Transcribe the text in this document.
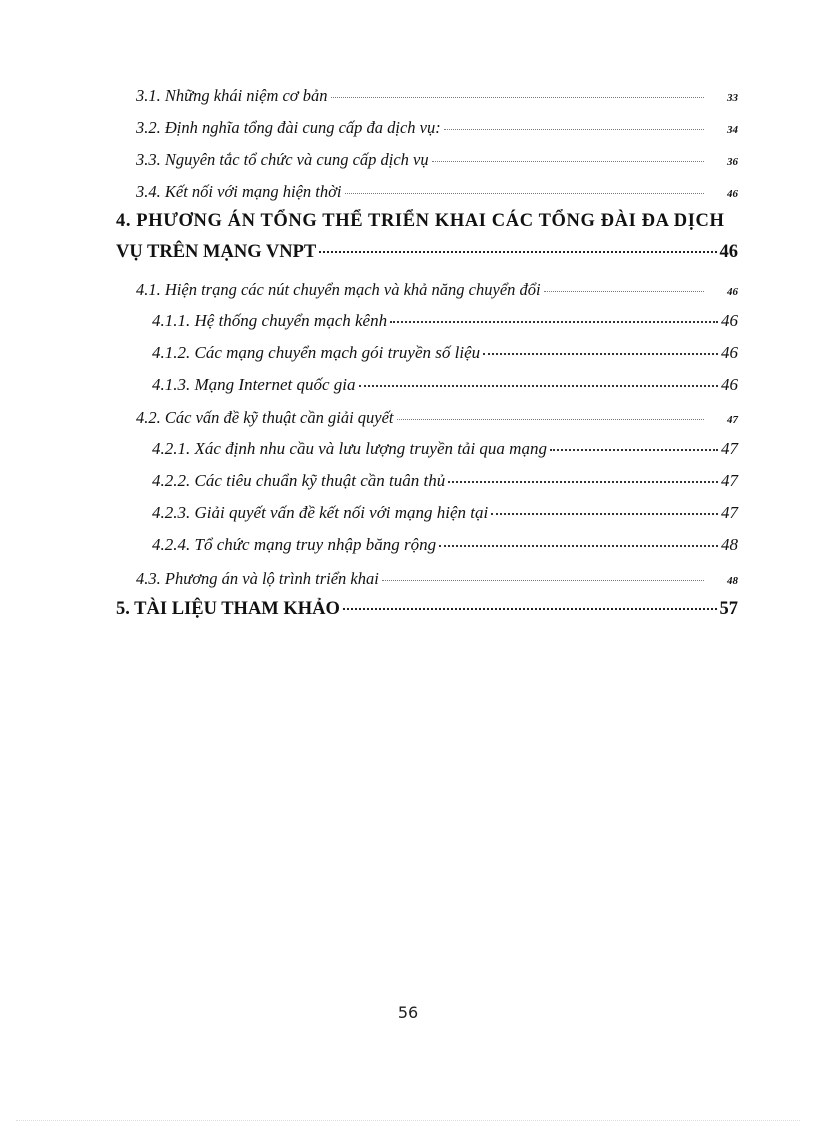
3.1. Những khái niệm cơ bản	33
3.2. Định nghĩa tổng đài cung cấp đa dịch vụ:	34
3.3. Nguyên tắc tổ chức và cung cấp dịch vụ	36
3.4. Kết nối với mạng hiện thời	46
4. PHƯƠNG ÁN TỔNG THỂ TRIỂN KHAI CÁC TỔNG ĐÀI ĐA DỊCH
VỤ TRÊN MẠNG VNPT	46
4.1. Hiện trạng các nút chuyển mạch và khả năng chuyển đổi	46
4.1.1. Hệ thống chuyển mạch kênh	46
4.1.2. Các mạng chuyển mạch gói truyền số liệu	46
4.1.3. Mạng Internet quốc gia	46
4.2. Các vấn đề kỹ thuật cần giải quyết	47
4.2.1. Xác định nhu cầu và lưu lượng truyền tải qua mạng	47
4.2.2. Các tiêu chuẩn kỹ thuật cần tuân thủ	47
4.2.3. Giải quyết vấn đề kết nối với mạng hiện tại	47
4.2.4. Tổ chức mạng truy nhập băng rộng	48
4.3. Phương án và lộ trình triển khai	48
5. TÀI LIỆU THAM KHẢO	57
56
